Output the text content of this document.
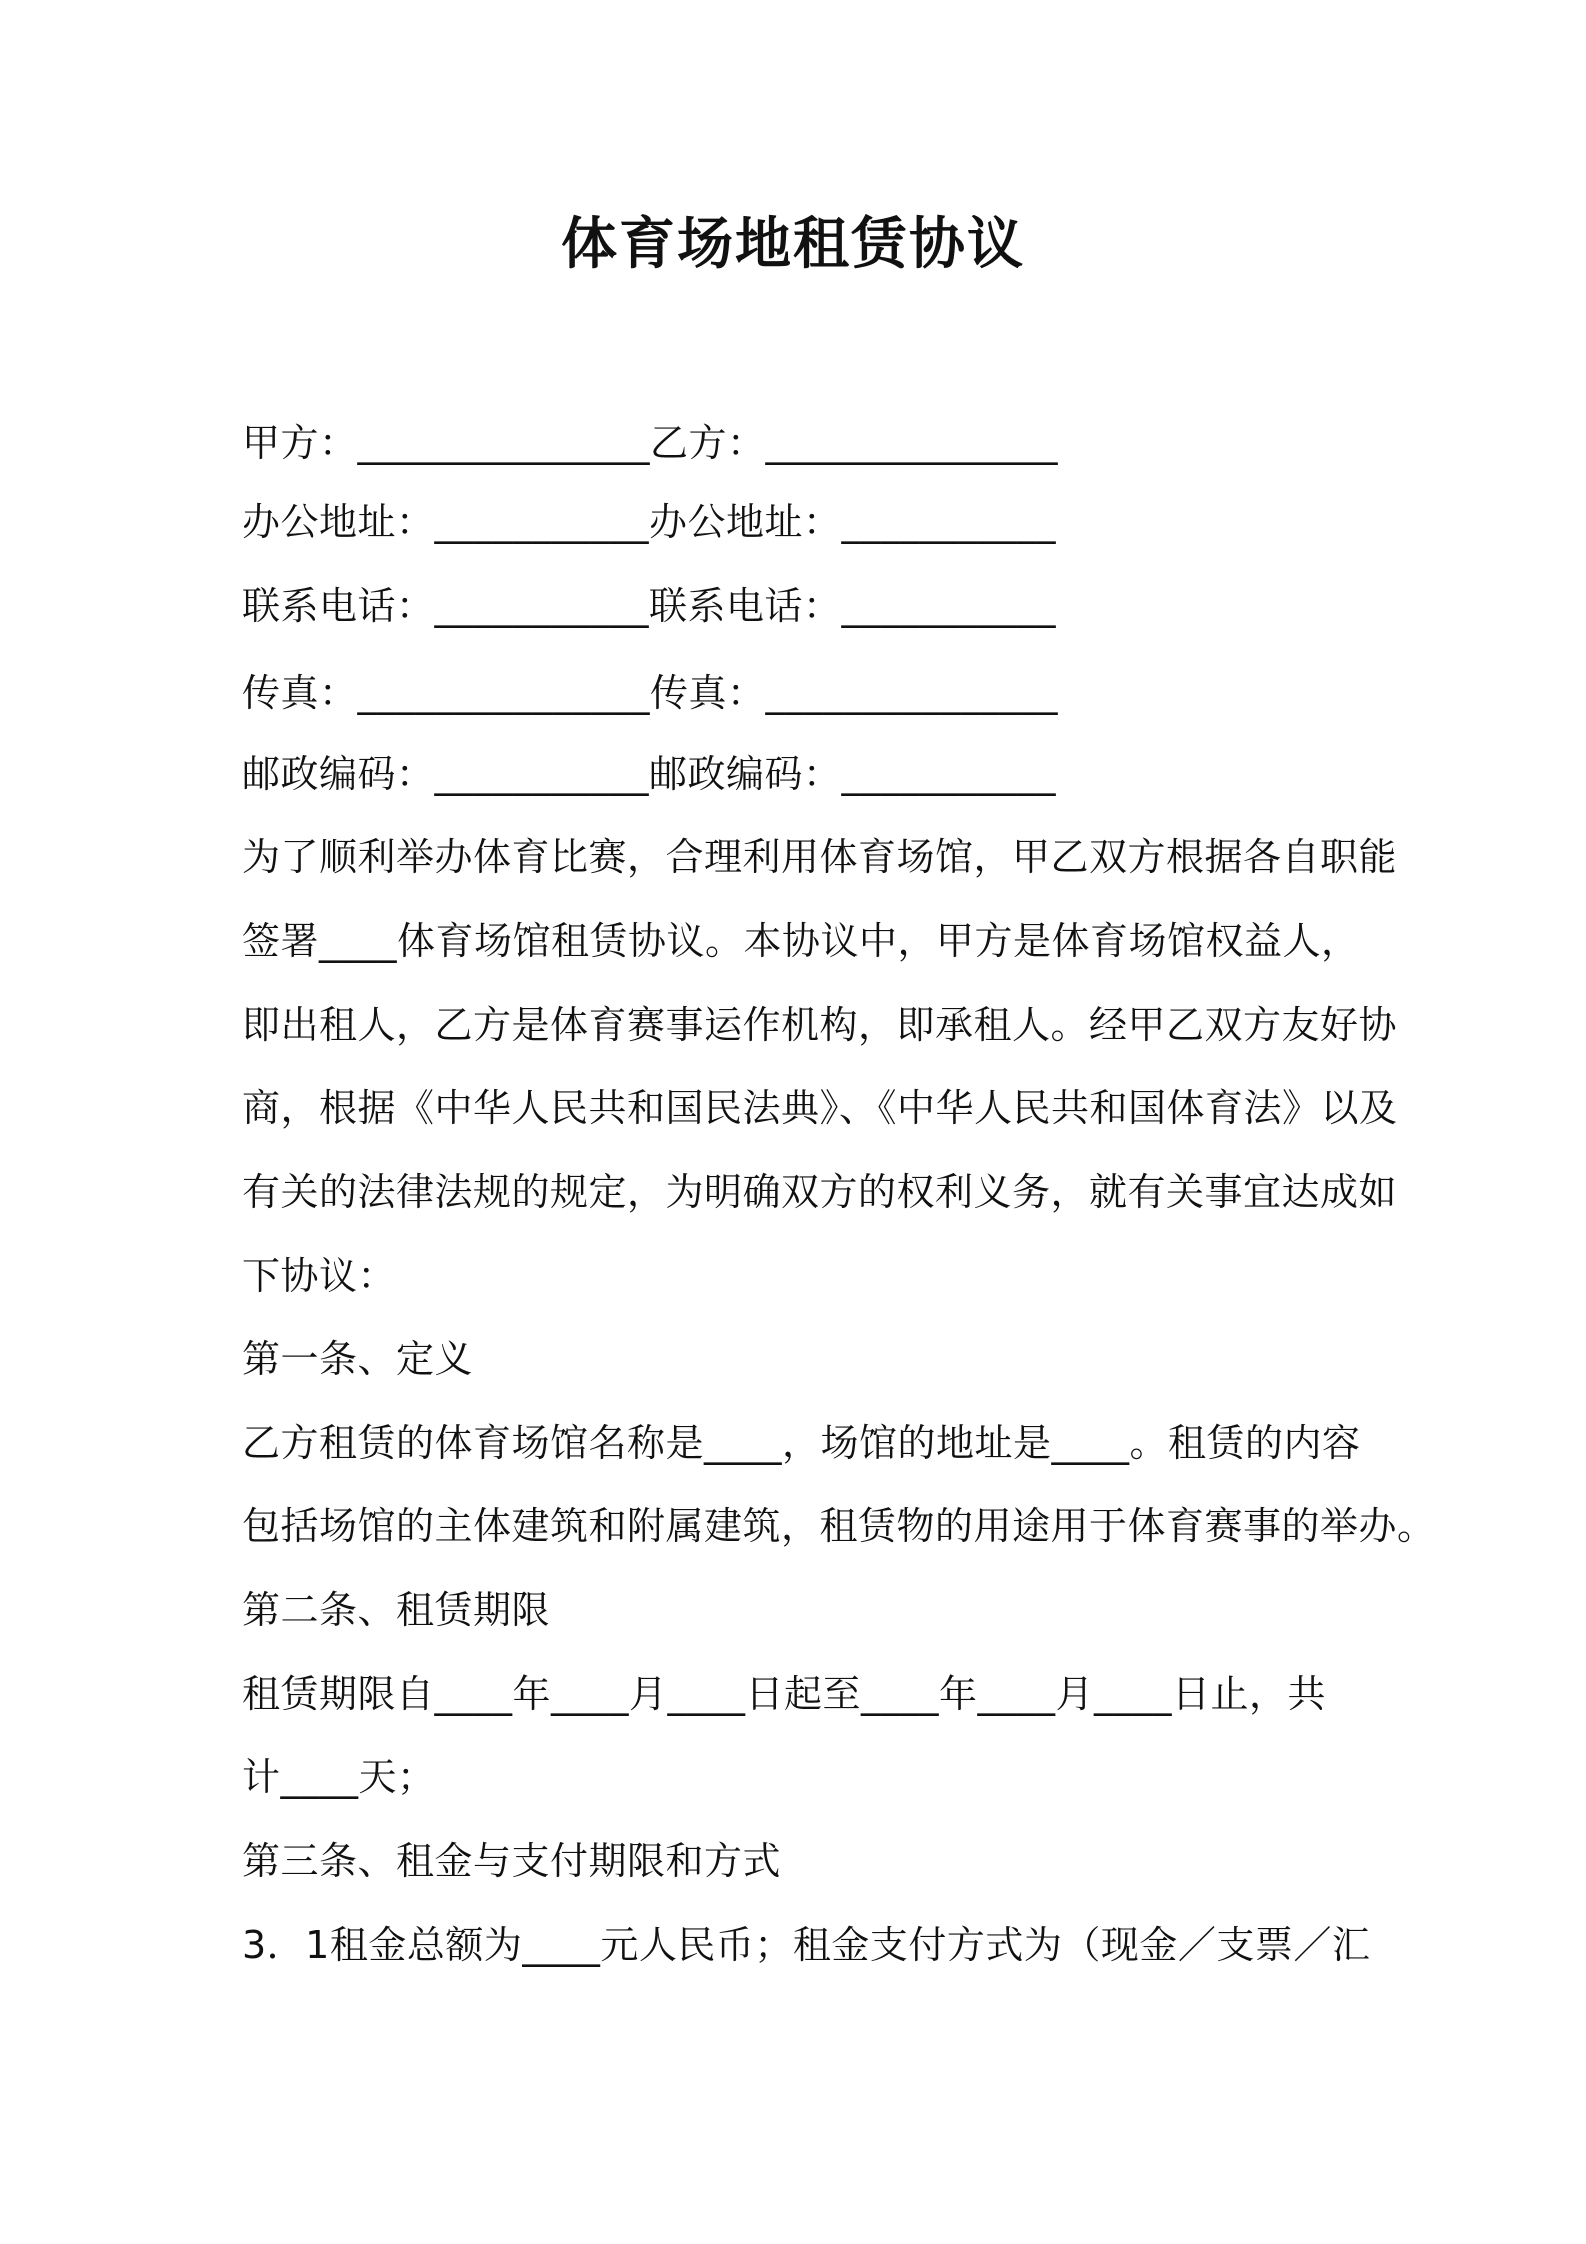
体育场地租赁协议
甲方：_______________乙方：_______________
办公地址：___________办公地址：___________
联系电话：___________联系电话：___________
传真：_______________传真：_______________
邮政编码：___________邮政编码：___________
为了顺利举办体育比赛，合理利用体育场馆，甲乙双方根据各自职能
签署____体育场馆租赁协议。本协议中，甲方是体育场馆权益人，
即出租人，乙方是体育赛事运作机构，即承租人。经甲乙双方友好协
商，根据《中华人民共和国民法典》、《中华人民共和国体育法》以及
有关的法律法规的规定，为明确双方的权利义务，就有关事宜达成如
下协议：
第一条、定义
乙方租赁的体育场馆名称是____，场馆的地址是____。租赁的内容
包括场馆的主体建筑和附属建筑，租赁物的用途用于体育赛事的举办。
第二条、租赁期限
租赁期限自____年____月____日起至____年____月____日止，共
计____天；
第三条、租金与支付期限和方式
3．1租金总额为____元人民币；租金支付方式为（现金／支票／汇
